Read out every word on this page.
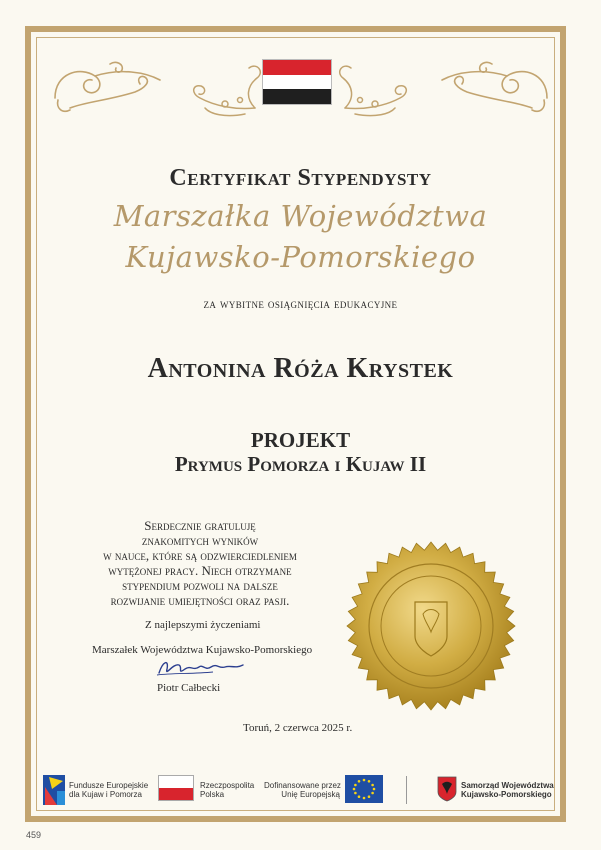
Certyfikat Stypendysty
Marszałka Województwa
Kujawsko-Pomorskiego
za wybitne osiągnięcia edukacyjne
Antonina Róża Krystek
PROJEKT
Prymus Pomorza i Kujaw II
Serdecznie gratuluję
znakomitych wyników
w nauce, które są odzwierciedleniem
wytężonej pracy. Niech otrzymane
stypendium pozwoli na dalsze
rozwijanie umiejętności oraz pasji.
Z najlepszymi życzeniami
Marszałek Województwa Kujawsko-Pomorskiego
Piotr Całbecki
Toruń, 2 czerwca 2025 r.
Fundusze Europejskie
dla Kujaw i Pomorza
Rzeczpospolita
Polska
Dofinansowane przez
Unię Europejską
Samorząd Województwa
Kujawsko-Pomorskiego
459
